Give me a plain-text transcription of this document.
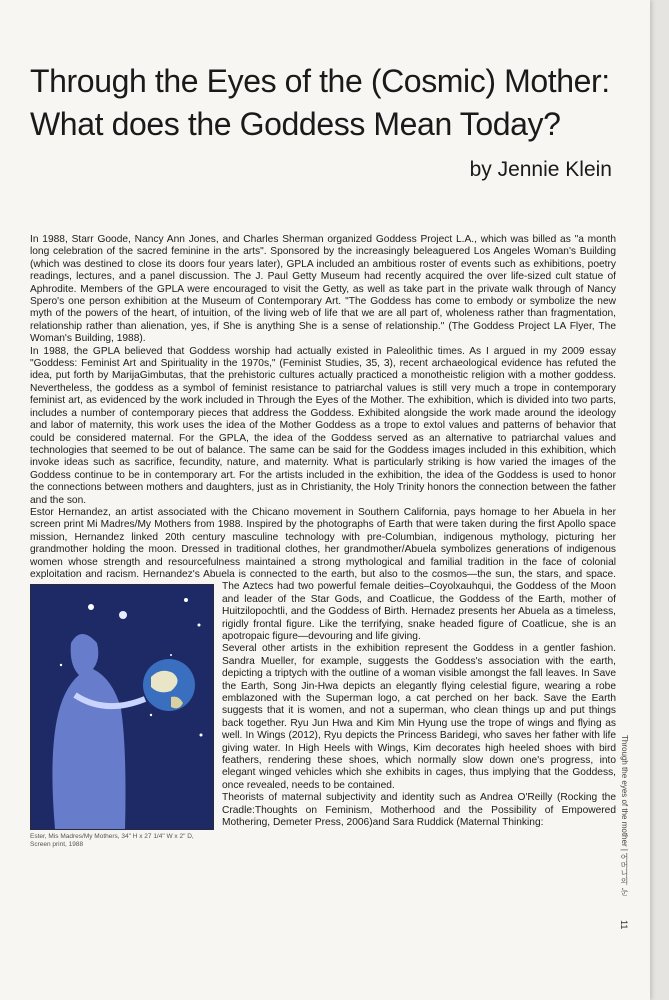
Through the Eyes of the (Cosmic) Mother:
What does the Goddess Mean Today?
by Jennie Klein

In 1988, Starr Goode, Nancy Ann Jones, and Charles Sherman organized Goddess Project L.A., which was billed as "a month long celebration of the sacred feminine in the arts". Sponsored by the increasingly beleaguered Los Angeles Woman's Building (which was destined to close its doors four years later), GPLA included an ambitious roster of events such as exhibitions, poetry readings, lectures, and a panel discussion. The J. Paul Getty Museum had recently acquired the over life-sized cult statue of Aphrodite. Members of the GPLA were encouraged to visit the Getty, as well as take part in the private walk through of Nancy Spero's one person exhibition at the Museum of Contemporary Art. "The Goddess has come to embody or symbolize the new myth of the powers of the heart, of intuition, of the living web of life that we are all part of, wholeness rather than fragmentation, relationship rather than alienation, yes, if She is anything She is a sense of relationship." (The Goddess Project LA Flyer, The Woman's Building, 1988).

In 1988, the GPLA believed that Goddess worship had actually existed in Paleolithic times. As I argued in my 2009 essay "Goddess: Feminist Art and Spirituality in the 1970s," (Feminist Studies, 35, 3), recent archaeological evidence has refuted the idea, put forth by MarijaGimbutas, that the prehistoric cultures actually practiced a monotheistic religion with a mother goddess. Nevertheless, the goddess as a symbol of feminist resistance to patriarchal values is still very much a trope in contemporary feminist art, as evidenced by the work included in Through the Eyes of the Mother. The exhibition, which is divided into two parts, includes a number of contemporary pieces that address the Goddess. Exhibited alongside the work made around the ideology and labor of maternity, this work uses the idea of the Mother Goddess as a trope to extol values and patterns of behavior that could be considered maternal. For the GPLA, the idea of the Goddess served as an alternative to patriarchal values and technologies that seemed to be out of balance. The same can be said for the Goddess images included in this exhibition, which invoke ideas such as sacrifice, fecundity, nature, and maternity. What is particularly striking is how varied the images of the Goddess continue to be in contemporary art. For the artists included in the exhibition, the idea of the Goddess is used to honor the connections between mothers and daughters, just as in Christianity, the Holy Trinity honors the connection between the father and the son.

Estor Hernandez, an artist associated with the Chicano movement in Southern California, pays homage to her Abuela in her screen print Mi Madres/My Mothers from 1988. Inspired by the photographs of Earth that were taken during the first Apollo space mission, Hernandez linked 20th century masculine technology with pre-Columbian, indigenous mythology, picturing her grandmother holding the moon. Dressed in traditional clothes, her grandmother/Abuela symbolizes generations of indigenous women whose strength and resourcefulness maintained a strong mythological and familial tradition in the face of colonial exploitation and racism. Hernandez's Abuela is connected to the earth, but also to the cosmos—the sun, the stars, and space. The Aztecs had two powerful female deities–Coyolxauhqui, the Goddess of
Ester, Mis Madres/My Mothers, 34" H x 27 1/4" W x 2" D, Screen print, 1988
the Moon and leader of the Star Gods, and Coatlicue, the Goddess of the Earth, mother of Huitzilopochtli, and the Goddess of Birth. Hernadez presents her Abuela as a timeless, rigidly frontal figure. Like the terrifying, snake headed figure of Coatlicue, she is an apotropaic figure—devouring and life giving.

Several other artists in the exhibition represent the Goddess in a gentler fashion. Sandra Mueller, for example, suggests the Goddess's association with the earth, depicting a triptych with the outline of a woman visible amongst the fall leaves. In Save the Earth, Song Jin-Hwa depicts an elegantly flying celestial figure, wearing a robe emblazoned with the Superman logo, a cat perched on her back. Save the Earth suggests that it is women, and not a superman, who clean things up and put things back together. Ryu Jun Hwa and Kim Min Hyung use the trope of wings and flying as well. In Wings (2012), Ryu depicts the Princess Baridegi, who saves her father with life giving water. In High Heels with Wings, Kim decorates high heeled shoes with bird feathers, rendering these shoes, which normally slow down one's progress, into elegant winged vehicles which she exhibits in cages, thus implying that the Goddess, once revealed, needs to be contained.

Theorists of maternal subjectivity and identity such as Andrea O'Reilly (Rocking the Cradle:Thoughts on Feminism, Motherhood and the Possibility of Empowered Mothering, Demeter Press, 2006)and Sara Ruddick (Maternal Thinking:	Through the eyes of the mother | 어머니의 눈
11
